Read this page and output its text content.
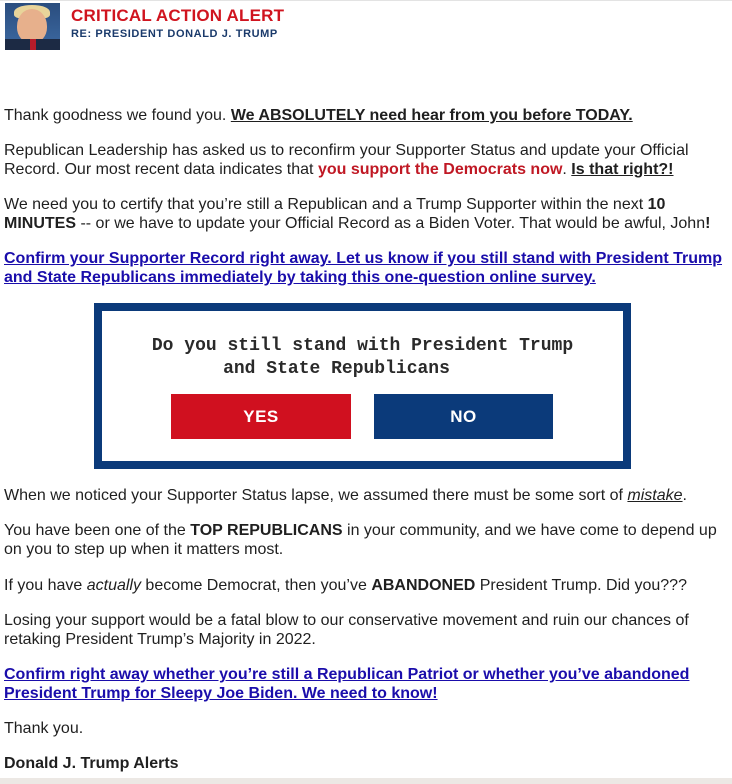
CRITICAL ACTION ALERT
RE: PRESIDENT DONALD J. TRUMP

Thank goodness we found you. We ABSOLUTELY need hear from you before TODAY.

Republican Leadership has asked us to reconfirm your Supporter Status and update your Official Record. Our most recent data indicates that you support the Democrats now. Is that right?!

We need you to certify that you’re still a Republican and a Trump Supporter within the next 10 MINUTES -- or we have to update your Official Record as a Biden Voter. That would be awful, John!

Confirm your Supporter Record right away. Let us know if you still stand with President Trump and State Republicans immediately by taking this one-question online survey.

Do you still stand with President Trump
and State Republicans

YES	NO

When we noticed your Supporter Status lapse, we assumed there must be some sort of mistake.

You have been one of the TOP REPUBLICANS in your community, and we have come to depend up on you to step up when it matters most.

If you have actually become Democrat, then you’ve ABANDONED President Trump. Did you???

Losing your support would be a fatal blow to our conservative movement and ruin our chances of retaking President Trump’s Majority in 2022.

Confirm right away whether you’re still a Republican Patriot or whether you’ve abandoned President Trump for Sleepy Joe Biden. We need to know!

Thank you.

Donald J. Trump Alerts
